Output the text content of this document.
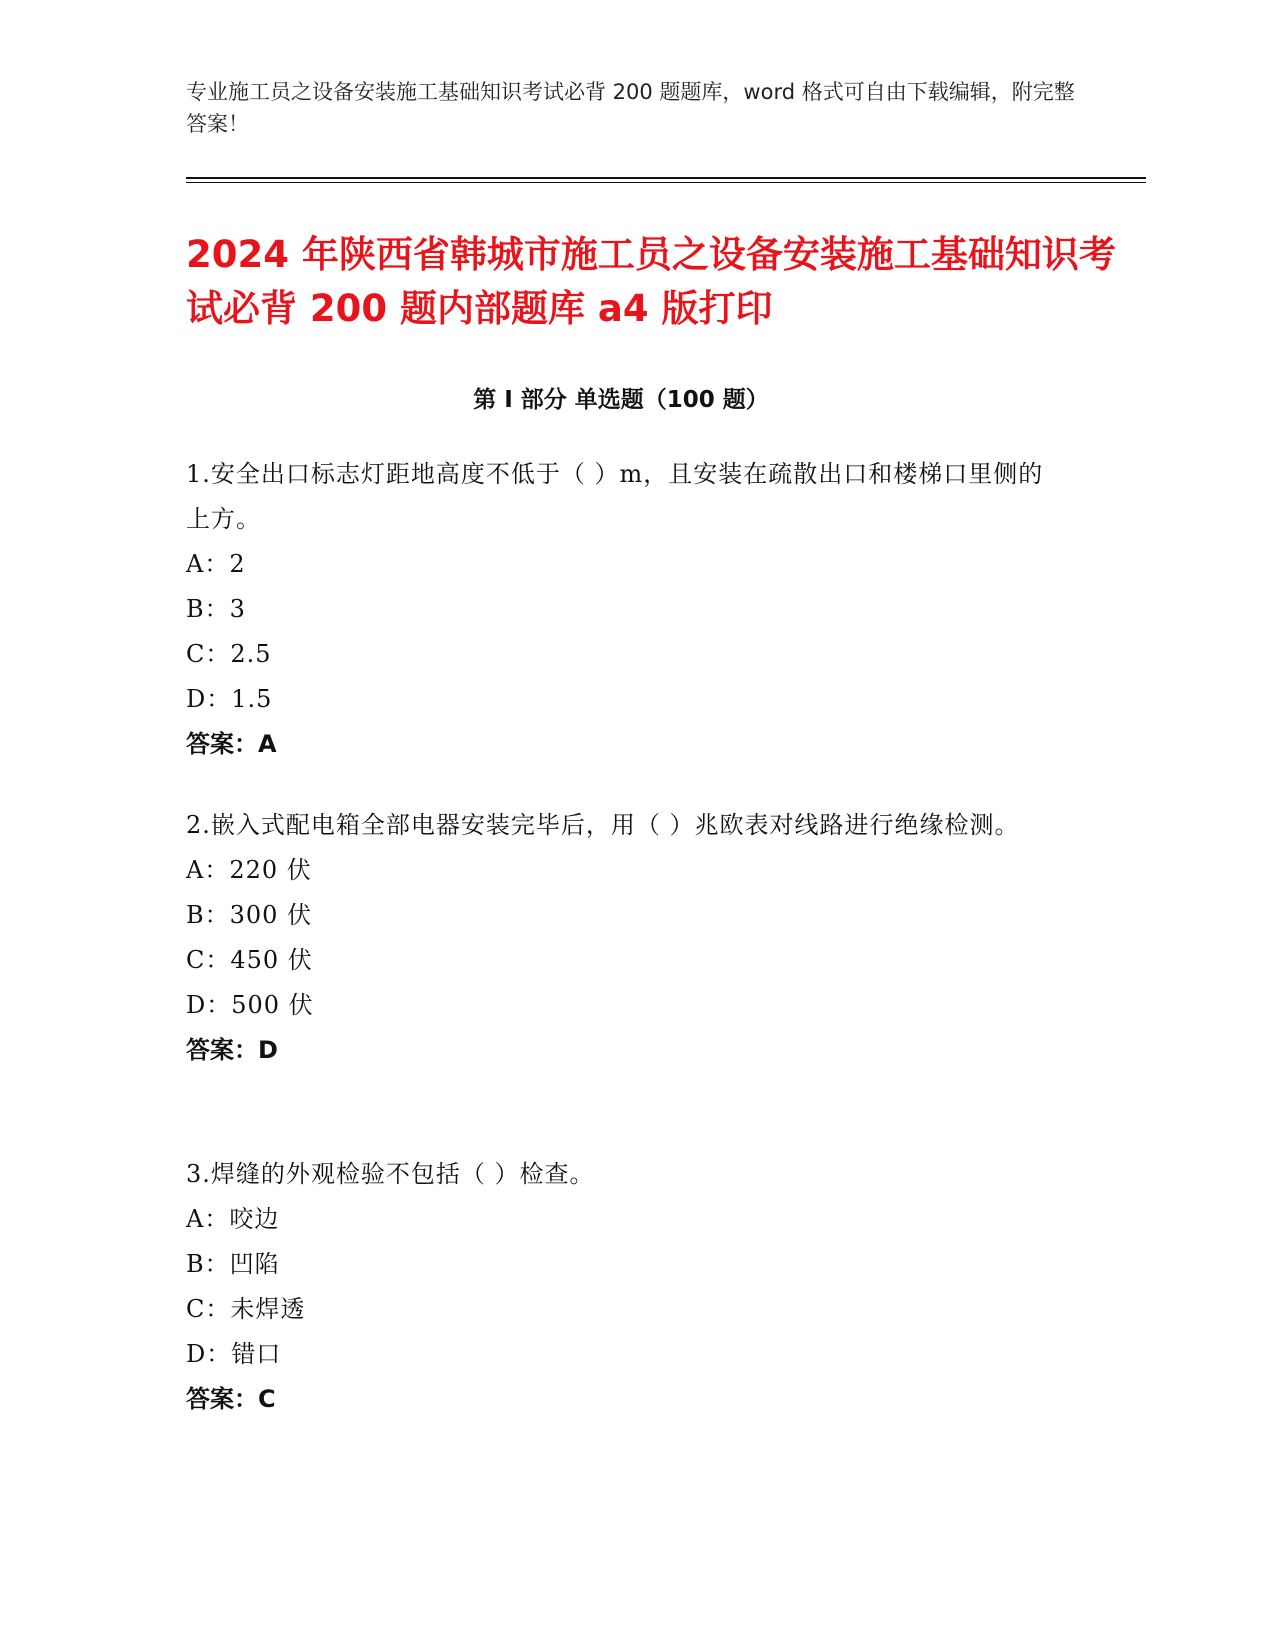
专业施工员之设备安装施工基础知识考试必背 200 题题库，word 格式可自由下载编辑，附完整答案！
2024 年陕西省韩城市施工员之设备安装施工基础知识考试必背 200 题内部题库 a4 版打印
第 I 部分 单选题（100 题）
1.安全出口标志灯距地高度不低于（ ）m，且安装在疏散出口和楼梯口里侧的上方。
A：2
B：3
C：2.5
D：1.5
答案：A
2.嵌入式配电箱全部电器安装完毕后，用（ ）兆欧表对线路进行绝缘检测。
A：220 伏
B：300 伏
C：450 伏
D：500 伏
答案：D
3.焊缝的外观检验不包括（ ）检查。
A：咬边
B：凹陷
C：未焊透
D：错口
答案：C
